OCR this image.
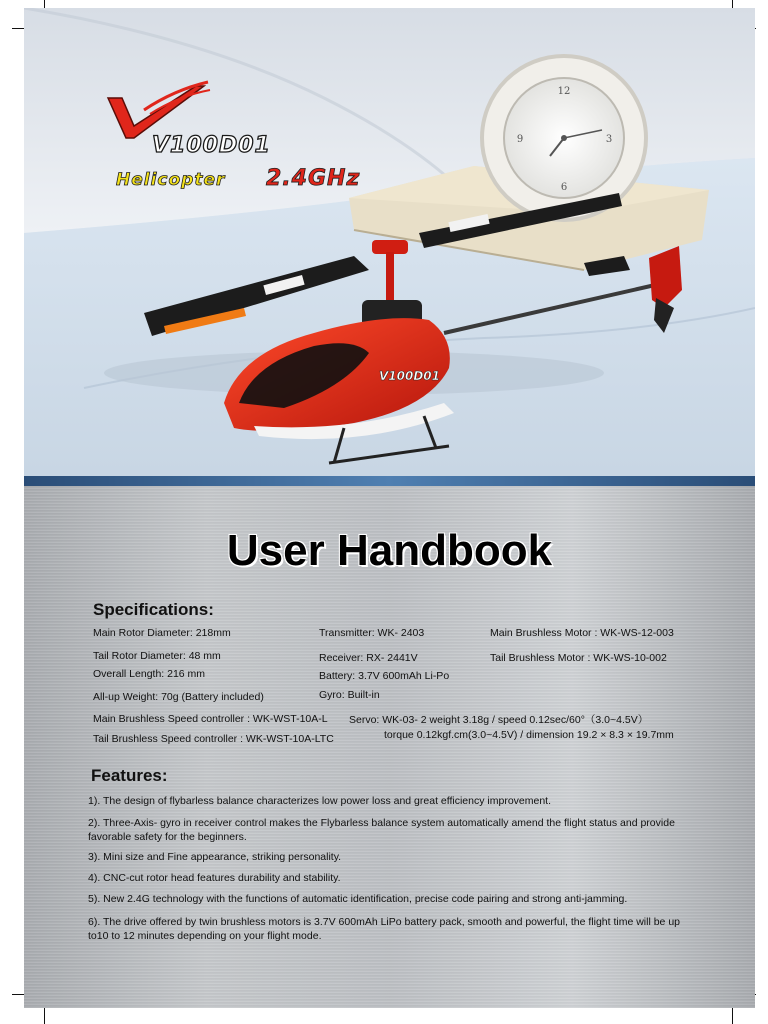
12
3
6
9
V100D01
V100D01
Helicopter 2.4GHz
User Handbook
Specifications:
Main Rotor Diameter: 218mm	Transmitter: WK- 2403	Main Brushless Motor : WK-WS-12-003
Tail Rotor Diameter: 48 mm	Receiver: RX- 2441V	Tail Brushless Motor : WK-WS-10-002
Overall Length: 216 mm	Battery: 3.7V 600mAh Li-Po
All-up Weight: 70g (Battery included)	Gyro: Built-in
Main Brushless Speed controller : WK-WST-10A-L Servo: WK-03- 2 weight 3.18g / speed 0.12sec/60°（3.0~4.5V）
Tail Brushless Speed controller : WK-WST-10A-LTC	torque 0.12kgf.cm(3.0~4.5V) / dimension 19.2 × 8.3 × 19.7mm
Features:
1). The design of flybarless balance characterizes low power loss and great efficiency improvement.
2). Three-Axis- gyro in receiver control makes the Flybarless balance system automatically amend the flight status and provide favorable safety for the beginners.
3). Mini size and Fine appearance, striking personality.
4). CNC-cut rotor head features durability and stability.
5). New 2.4G technology with the functions of automatic identification, precise code pairing and strong anti-jamming.
6). The drive offered by twin brushless motors is 3.7V 600mAh LiPo battery pack, smooth and powerful, the flight time will be up to10 to 12 minutes depending on your flight mode.
